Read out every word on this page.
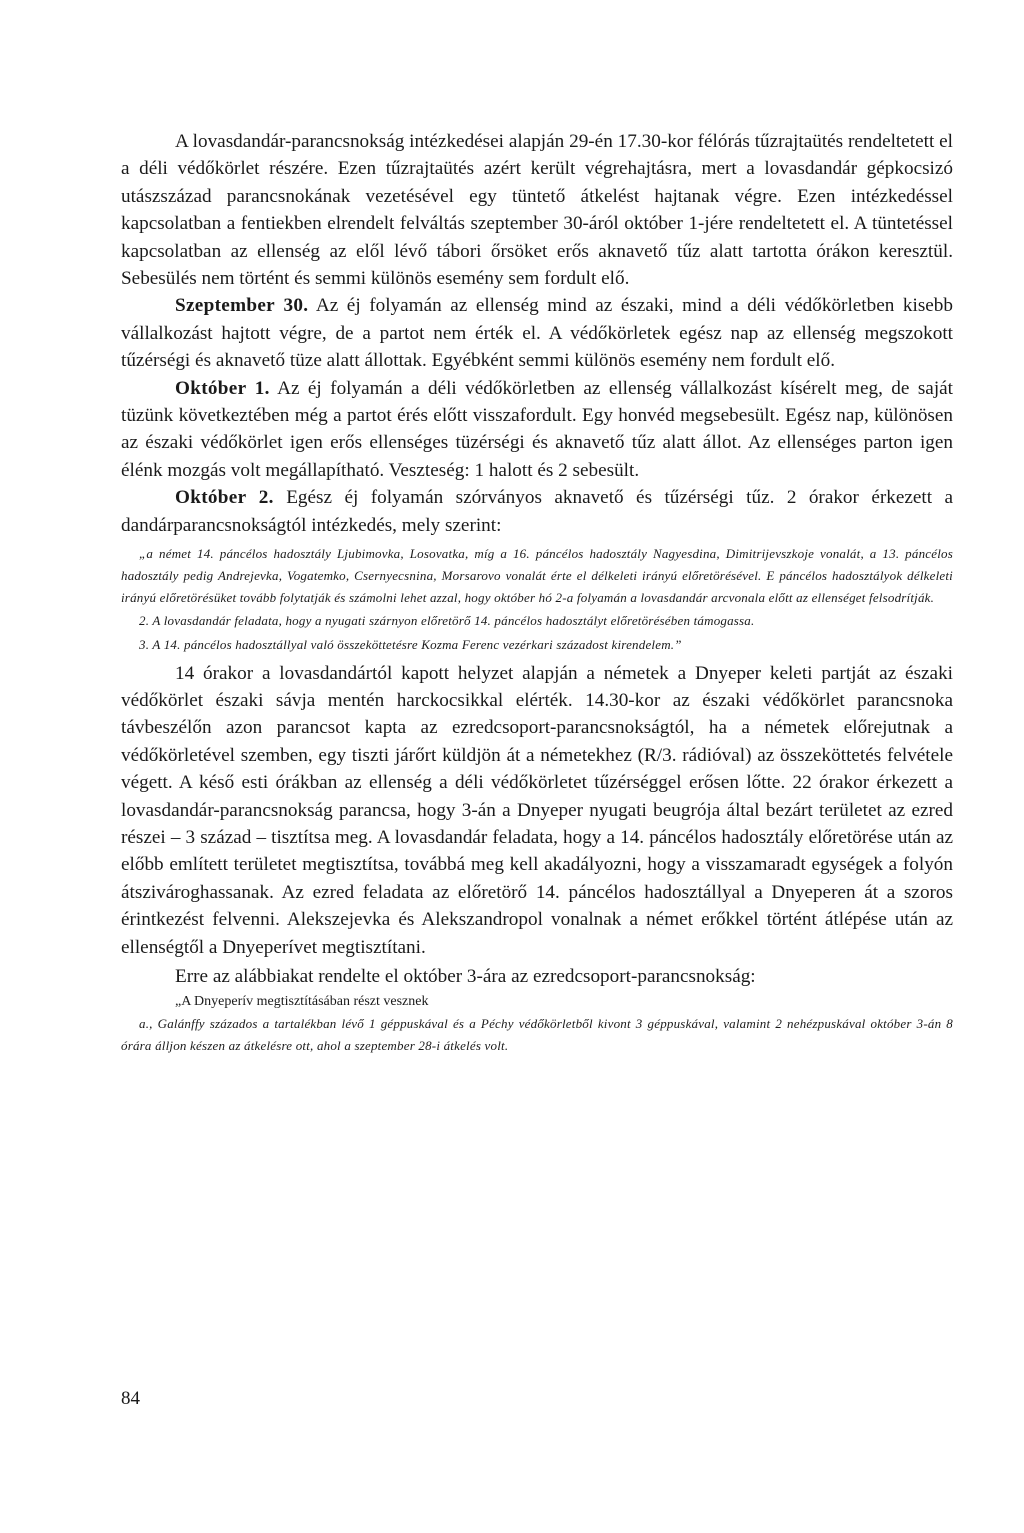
A lovasdandár-parancsnokság intézkedései alapján 29-én 17.30-kor félórás tűzrajtaütés rendeltetett el a déli védőkörlet részére. Ezen tűzrajtaütés azért került végrehajtásra, mert a lovasdandár gépkocsizó utászszázad parancsnokának vezetésével egy tüntető átkelést hajtanak végre. Ezen intézkedéssel kapcsolatban a fentiekben elrendelt felváltás szeptember 30-áról október 1-jére rendeltetett el. A tüntetéssel kapcsolatban az ellenség az elől lévő tábori őrsöket erős aknavető tűz alatt tartotta órákon keresztül. Sebesülés nem történt és semmi különös esemény sem fordult elő.

Szeptember 30. Az éj folyamán az ellenség mind az északi, mind a déli védőkörletben kisebb vállalkozást hajtott végre, de a partot nem érték el. A védőkörletek egész nap az ellenség megszokott tűzérségi és aknavető tüze alatt állottak. Egyébként semmi különös esemény nem fordult elő.

Október 1. Az éj folyamán a déli védőkörletben az ellenség vállalkozást kísérelt meg, de saját tüzünk következtében még a partot érés előtt visszafordult. Egy honvéd megsebesült. Egész nap, különösen az északi védőkörlet igen erős ellenséges tüzérségi és aknavető tűz alatt állot. Az ellenséges parton igen élénk mozgás volt megállapítható. Veszteség: 1 halott és 2 sebesült.

Október 2. Egész éj folyamán szórványos aknavető és tűzérségi tűz. 2 órakor érkezett a dandárparancsnokságtól intézkedés, mely szerint:

„a német 14. páncélos hadosztály Ljubimovka, Losovatka, míg a 16. páncélos hadosztály Nagyesdina, Dimitrijevszkoje vonalát, a 13. páncélos hadosztály pedig Andrejevka, Vogatemko, Csernyecsnina, Morsarovo vonalát érte el délkeleti irányú előretörésével. E páncélos hadosztályok délkeleti irányú előretörésüket tovább folytatják és számolni lehet azzal, hogy október hó 2-a folyamán a lovasdandár arcvonala előtt az ellenséget felsodrítják.

2. A lovasdandár feladata, hogy a nyugati szárnyon előretörő 14. páncélos hadosztályt előretörésében támogassa.

3. A 14. páncélos hadosztállyal való összeköttetésre Kozma Ferenc vezérkari századost kirendelem.”

14 órakor a lovasdandártól kapott helyzet alapján a németek a Dnyeper keleti partját az északi védőkörlet északi sávja mentén harckocsikkal elérték. 14.30-kor az északi védőkörlet parancsnoka távbeszélőn azon parancsot kapta az ezredcsoport-parancsnokságtól, ha a németek előrejutnak a védőkörletével szemben, egy tiszti járőrt küldjön át a németekhez (R/3. rádióval) az összeköttetés felvétele végett. A késő esti órákban az ellenség a déli védőkörletet tűzérséggel erősen lőtte. 22 órakor érkezett a lovasdandár-parancsnokság parancsa, hogy 3-án a Dnyeper nyugati beugrója által bezárt területet az ezred részei – 3 század – tisztítsa meg. A lovasdandár feladata, hogy a 14. páncélos hadosztály előretörése után az előbb említett területet megtisztítsa, továbbá meg kell akadályozni, hogy a visszamaradt egységek a folyón átszivároghassanak. Az ezred feladata az előretörő 14. páncélos hadosztállyal a Dnyeperen át a szoros érintkezést felvenni. Alekszejevka és Alekszandropol vonalnak a német erőkkel történt átlépése után az ellenségtől a Dnyeperívet megtisztítani.

Erre az alábbiakat rendelte el október 3-ára az ezredcsoport-parancsnokság:

„A Dnyeperív megtisztításában részt vesznek

a., Galánffy százados a tartalékban lévő 1 géppuskával és a Péchy védőkörletből kivont 3 géppuskával, valamint 2 nehézpuskával október 3-án 8 órára álljon készen az átkelésre ott, ahol a szeptember 28-i átkelés volt.

84
